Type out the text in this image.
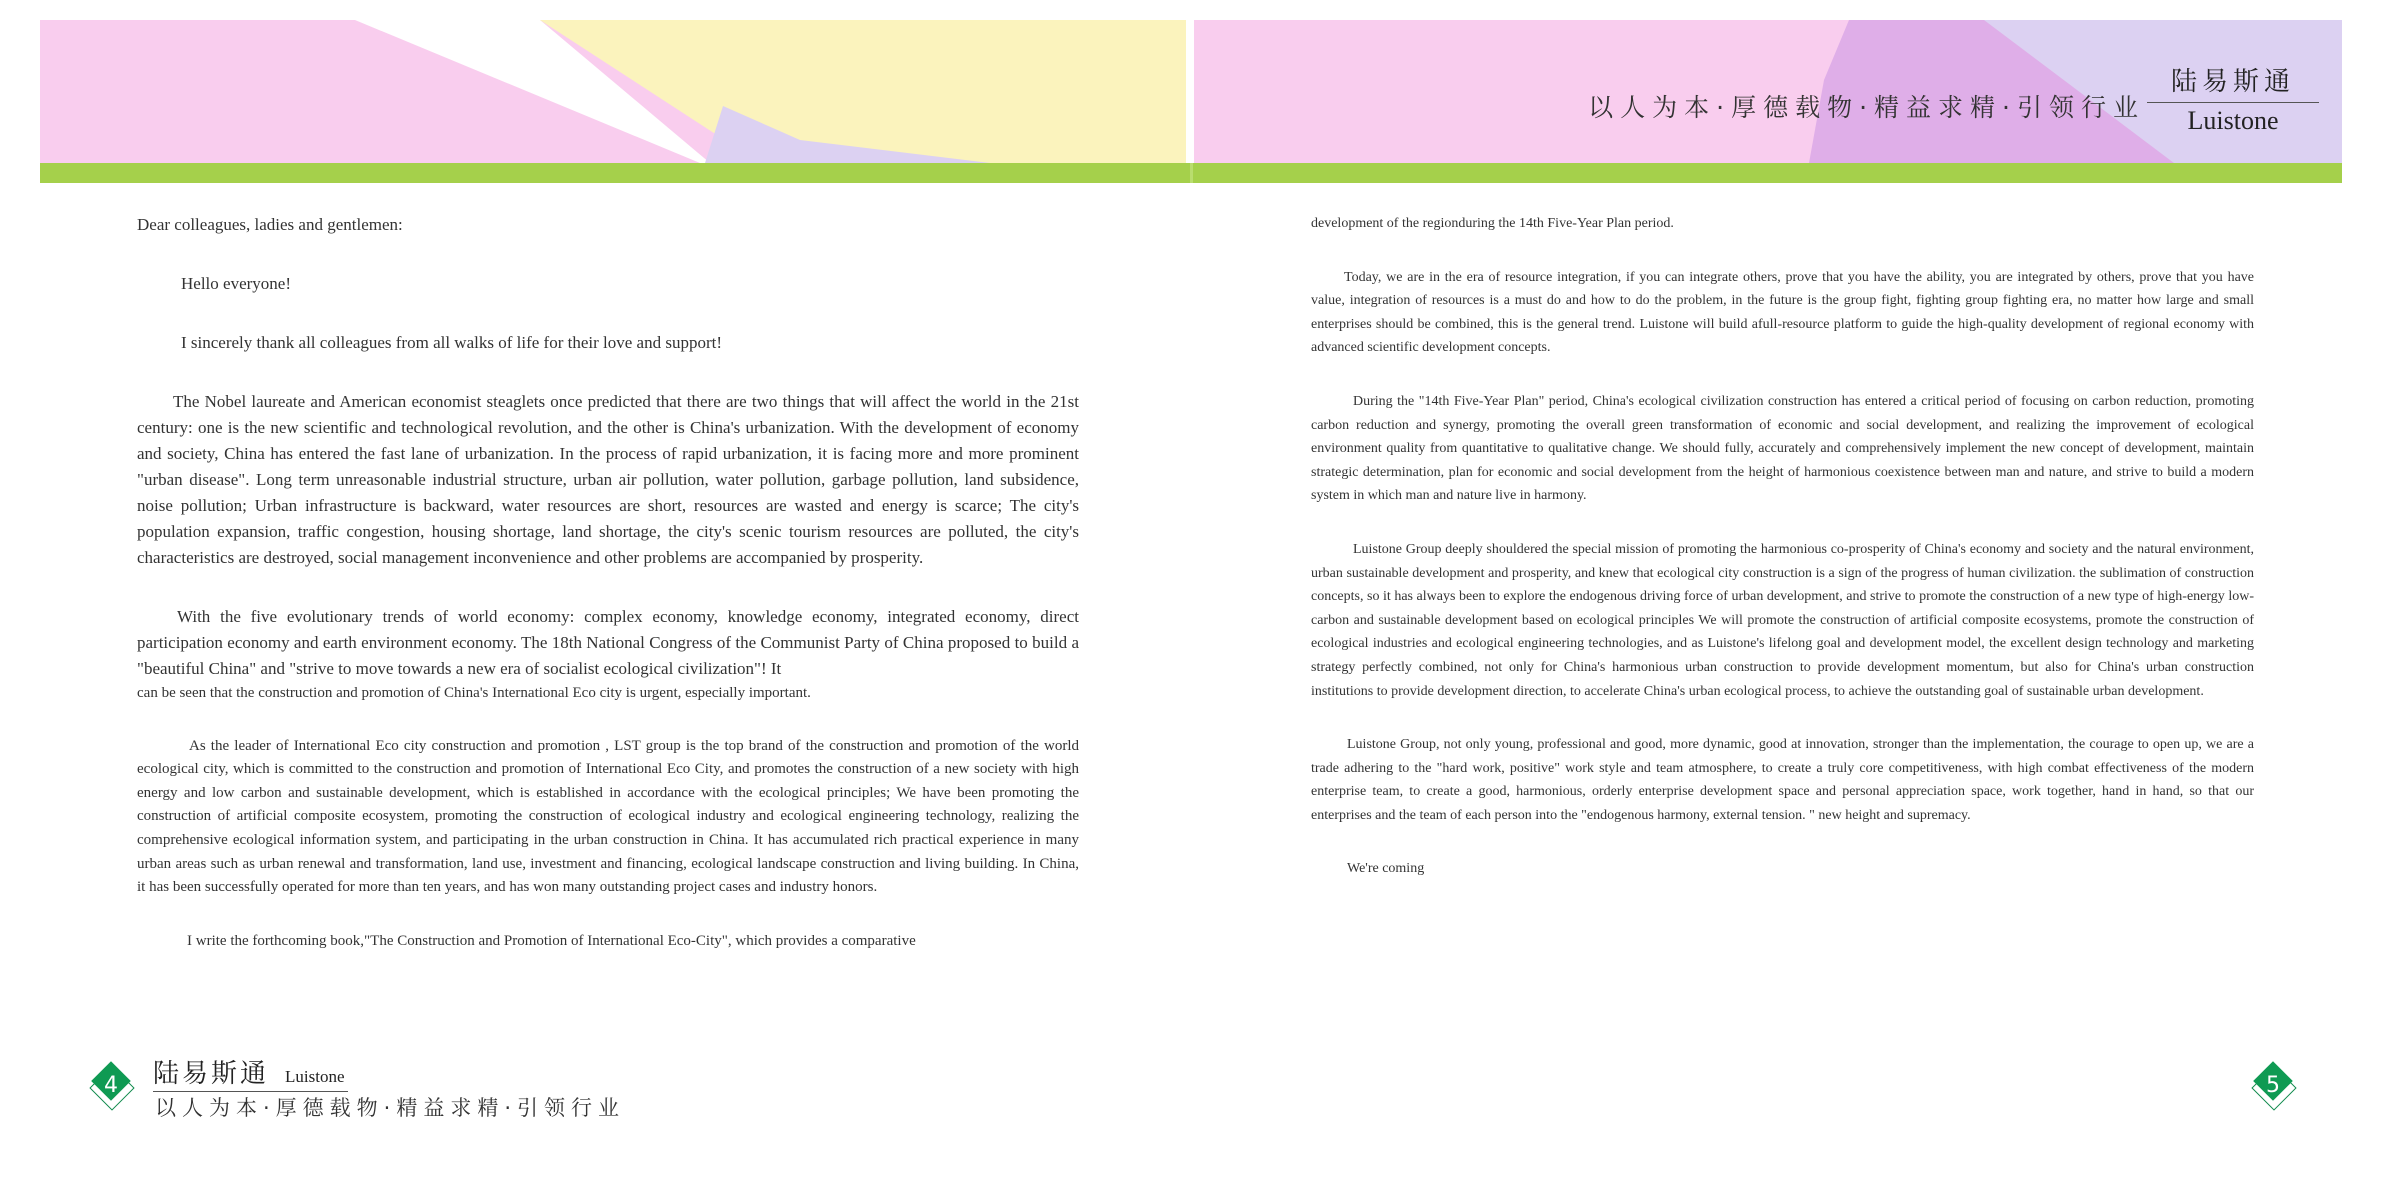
以人为本·厚德载物·精益求精·引领行业
陆易斯通
Luistone

Dear colleagues, ladies and gentlemen:

Hello everyone!

I sincerely thank all colleagues from all walks of life for their love and support!

The Nobel laureate and American economist steaglets once predicted that there are two things that will affect the world in the 21st century: one is the new scientific and technological revolution, and the other is China's urbanization. With the development of economy and society, China has entered the fast lane of urbanization. In the process of rapid urbanization, it is facing more and more prominent "urban disease". Long term unreasonable industrial structure, urban air pollution, water pollution, garbage pollution, land subsidence, noise pollution; Urban infrastructure is backward, water resources are short, resources are wasted and energy is scarce; The city's population expansion, traffic congestion, housing shortage, land shortage, the city's scenic tourism resources are polluted, the city's characteristics are destroyed, social management inconvenience and other problems are accompanied by prosperity.

With the five evolutionary trends of world economy: complex economy, knowledge economy, integrated economy, direct participation economy and earth environment economy. The 18th National Congress of the Communist Party of China proposed to build a "beautiful China" and "strive to move towards a new era of socialist ecological civilization"! It

can be seen that the construction and promotion of China's International Eco city is urgent, especially important.

As the leader of International Eco city construction and promotion , LST group is the top brand of the construction and promotion of the world ecological city, which is committed to the construction and promotion of International Eco City, and promotes the construction of a new society with high energy and low carbon and sustainable development, which is established in accordance with the ecological principles; We have been promoting the construction of artificial composite ecosystem, promoting the construction of ecological industry and ecological engineering technology, realizing the comprehensive ecological information system, and participating in the urban construction in China. It has accumulated rich practical experience in many urban areas such as urban renewal and transformation, land use, investment and financing, ecological landscape construction and living building. In China, it has been successfully operated for more than ten years, and has won many outstanding project cases and industry honors.

I write the forthcoming book,"The Construction and Promotion of International Eco-City", which provides a comparative

development of the regionduring the 14th Five-Year Plan period.

Today, we are in the era of resource integration, if you can integrate others, prove that you have the ability, you are integrated by others, prove that you have value, integration of resources is a must do and how to do the problem, in the future is the group fight, fighting group fighting era, no matter how large and small enterprises should be combined, this is the general trend. Luistone will build afull-resource platform to guide the high-quality development of regional economy with advanced scientific development concepts.

During the "14th Five-Year Plan" period, China's ecological civilization construction has entered a critical period of focusing on carbon reduction, promoting carbon reduction and synergy, promoting the overall green transformation of economic and social development, and realizing the improvement of ecological environment quality from quantitative to qualitative change. We should fully, accurately and comprehensively implement the new concept of development, maintain strategic determination, plan for economic and social development from the height of harmonious coexistence between man and nature, and strive to build a modern system in which man and nature live in harmony.

Luistone Group deeply shouldered the special mission of promoting the harmonious co-prosperity of China's economy and society and the natural environment, urban sustainable development and prosperity, and knew that ecological city construction is a sign of the progress of human civilization. the sublimation of construction concepts, so it has always been to explore the endogenous driving force of urban development, and strive to promote the construction of a new type of high-energy low-carbon and sustainable development based on ecological principles We will promote the construction of artificial composite ecosystems, promote the construction of ecological industries and ecological engineering technologies, and as Luistone's lifelong goal and development model, the excellent design technology and marketing strategy perfectly combined, not only for China's harmonious urban construction to provide development momentum, but also for China's urban construction institutions to provide development direction, to accelerate China's urban ecological process, to achieve the outstanding goal of sustainable urban development.

Luistone Group, not only young, professional and good, more dynamic, good at innovation, stronger than the implementation, the courage to open up, we are a trade adhering to the "hard work, positive" work style and team atmosphere, to create a truly core competitiveness, with high combat effectiveness of the modern enterprise team, to create a good, harmonious, orderly enterprise development space and personal appreciation space, work together, hand in hand, so that our enterprises and the team of each person into the "endogenous harmony, external tension. " new height and supremacy.

We're coming

4	陆易斯通 Luistone
以人为本·厚德载物·精益求精·引领行业
5
